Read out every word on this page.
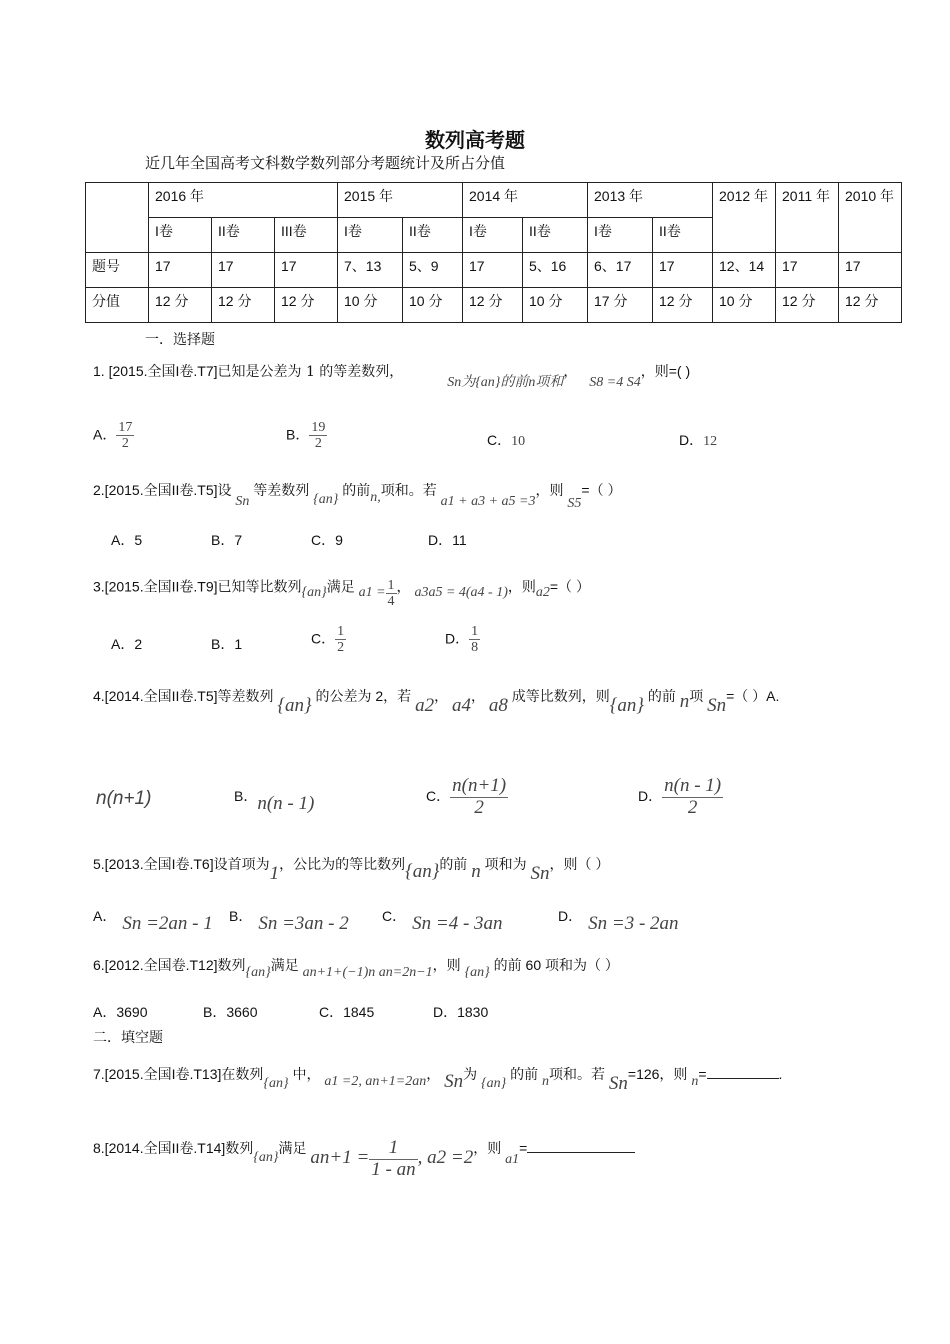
数列高考题
近几年全国高考文科数学数列部分考题统计及所占分值
	2016 年			2015 年		2014 年		2013 年		2012 年	2011 年	2010 年
	I卷	II卷	III卷	I卷	II卷	I卷	II卷	I卷	II卷			
题号	17	17	17	7、13	5、9	17	5、16	6、17	17	12、14	17	17
分值	12 分	12 分	12 分	10 分	10 分	12 分	10 分	17 分	12 分	10 分	12 分	12 分
一．选择题
1. [2015.全国I卷.T7]已知是公差为 1 的等差数列， Sn为{an}的前n项和， S8 =4 S4，则=( )
A． $\frac{17}{2}$	B． $\frac{19}{2}$	C．10	D．12
2.[2015.全国II卷.T5]设 Sn 等差数列 {an} 的前n,项和。若 a1 + a3 + a5 =3，则 S5=（ ）
A．5	B．7	C．9	D．11
3.[2015.全国II卷.T9]已知等比数列{an}满足 $a1 = \frac{1}{4}$ ， a3a5 = 4(a4 - 1)，则a2=（ ）
A．2	B．1	C． $\frac{1}{2}$	D． $\frac{1}{8}$
4.[2014.全国II卷.T5]等差数列 {an} 的公差为 2，若 a2， a4， a8 成等比数列，则{an} 的前 n项 Sn=（ ）A.
n(n+1)	B．n(n - 1)	C． $\frac{n(n+1)}{2}$	D． $\frac{n(n - 1)}{2}$
5.[2013.全国I卷.T6]设首项为1，公比为的等比数列{an}的前 n 项和为 Sn，则（ ）
A． Sn =2an - 1 B． Sn =3an - 2 C． Sn =4 - 3an	D． Sn =3 - 2an
6.[2012.全国卷.T12]数列{an}满足 an+1+(−1)n an=2n−1，则 {an} 的前 60 项和为（ ）
A．3690	B．3660	C．1845	D．1830
二．填空题
7.[2015.全国I卷.T13]在数列{an} 中， a1 =2, an+1=2an， Sn为 {an} 的前 n项和。若 Sn=126，则 n=	.
8.[2014.全国II卷.T14]数列{an}满足 $an+1 = \frac{1}{1 - an}$ , a2 =2，则 a1=
